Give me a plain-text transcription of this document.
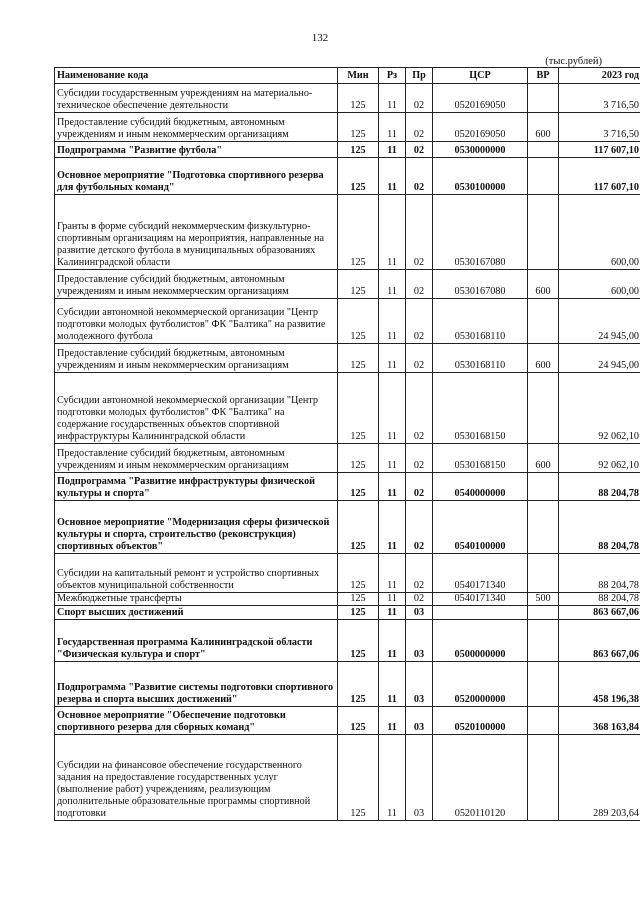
132
(тыс.рублей)
Наименование кода	Мин	Рз	Пр	ЦСР	ВР	2023 год
Субсидии государственным учреждениям на материально-техническое обеспечение деятельности	125	11	02	0520169050		3 716,50
Предоставление субсидий бюджетным, автономным учреждениям и иным некоммерческим организациям	125	11	02	0520169050	600	3 716,50
Подпрограмма "Развитие футбола"	125	11	02	0530000000		117 607,10
Основное мероприятие "Подготовка спортивного резерва для футбольных команд"	125	11	02	0530100000		117 607,10
Гранты в форме субсидий некоммерческим физкультурно-спортивным организациям на мероприятия, направленные на развитие детского футбола в муниципальных образованиях Калининградской области	125	11	02	0530167080		600,00
Предоставление субсидий бюджетным, автономным учреждениям и иным некоммерческим организациям	125	11	02	0530167080	600	600,00
Субсидии автономной некоммерческой организации "Центр подготовки молодых футболистов" ФК "Балтика" на развитие молодежного футбола	125	11	02	0530168110		24 945,00
Предоставление субсидий бюджетным, автономным учреждениям и иным некоммерческим организациям	125	11	02	0530168110	600	24 945,00
Субсидии автономной некоммерческой организации "Центр подготовки молодых футболистов" ФК "Балтика" на содержание государственных объектов спортивной инфраструктуры Калининградской области	125	11	02	0530168150		92 062,10
Предоставление субсидий бюджетным, автономным учреждениям и иным некоммерческим организациям	125	11	02	0530168150	600	92 062,10
Подпрограмма "Развитие инфраструктуры физической культуры и спорта"	125	11	02	0540000000		88 204,78
Основное мероприятие "Модернизация сферы физической культуры и спорта, строительство (реконструкция) спортивных объектов"	125	11	02	0540100000		88 204,78
Субсидии на капитальный ремонт и устройство спортивных объектов муниципальной собственности	125	11	02	0540171340		88 204,78
Межбюджетные трансферты	125	11	02	0540171340	500	88 204,78
Спорт высших достижений	125	11	03			863 667,06
Государственная программа Калининградской области "Физическая культура и спорт"	125	11	03	0500000000		863 667,06
Подпрограмма "Развитие системы подготовки спортивного резерва и спорта высших достижений"	125	11	03	0520000000		458 196,38
Основное мероприятие "Обеспечение подготовки спортивного резерва для сборных команд"	125	11	03	0520100000		368 163,84
Субсидии на финансовое обеспечение государственного задания на предоставление государственных услуг (выполнение работ) учреждениям, реализующим дополнительные образовательные программы спортивной подготовки	125	11	03	0520110120		289 203,64
